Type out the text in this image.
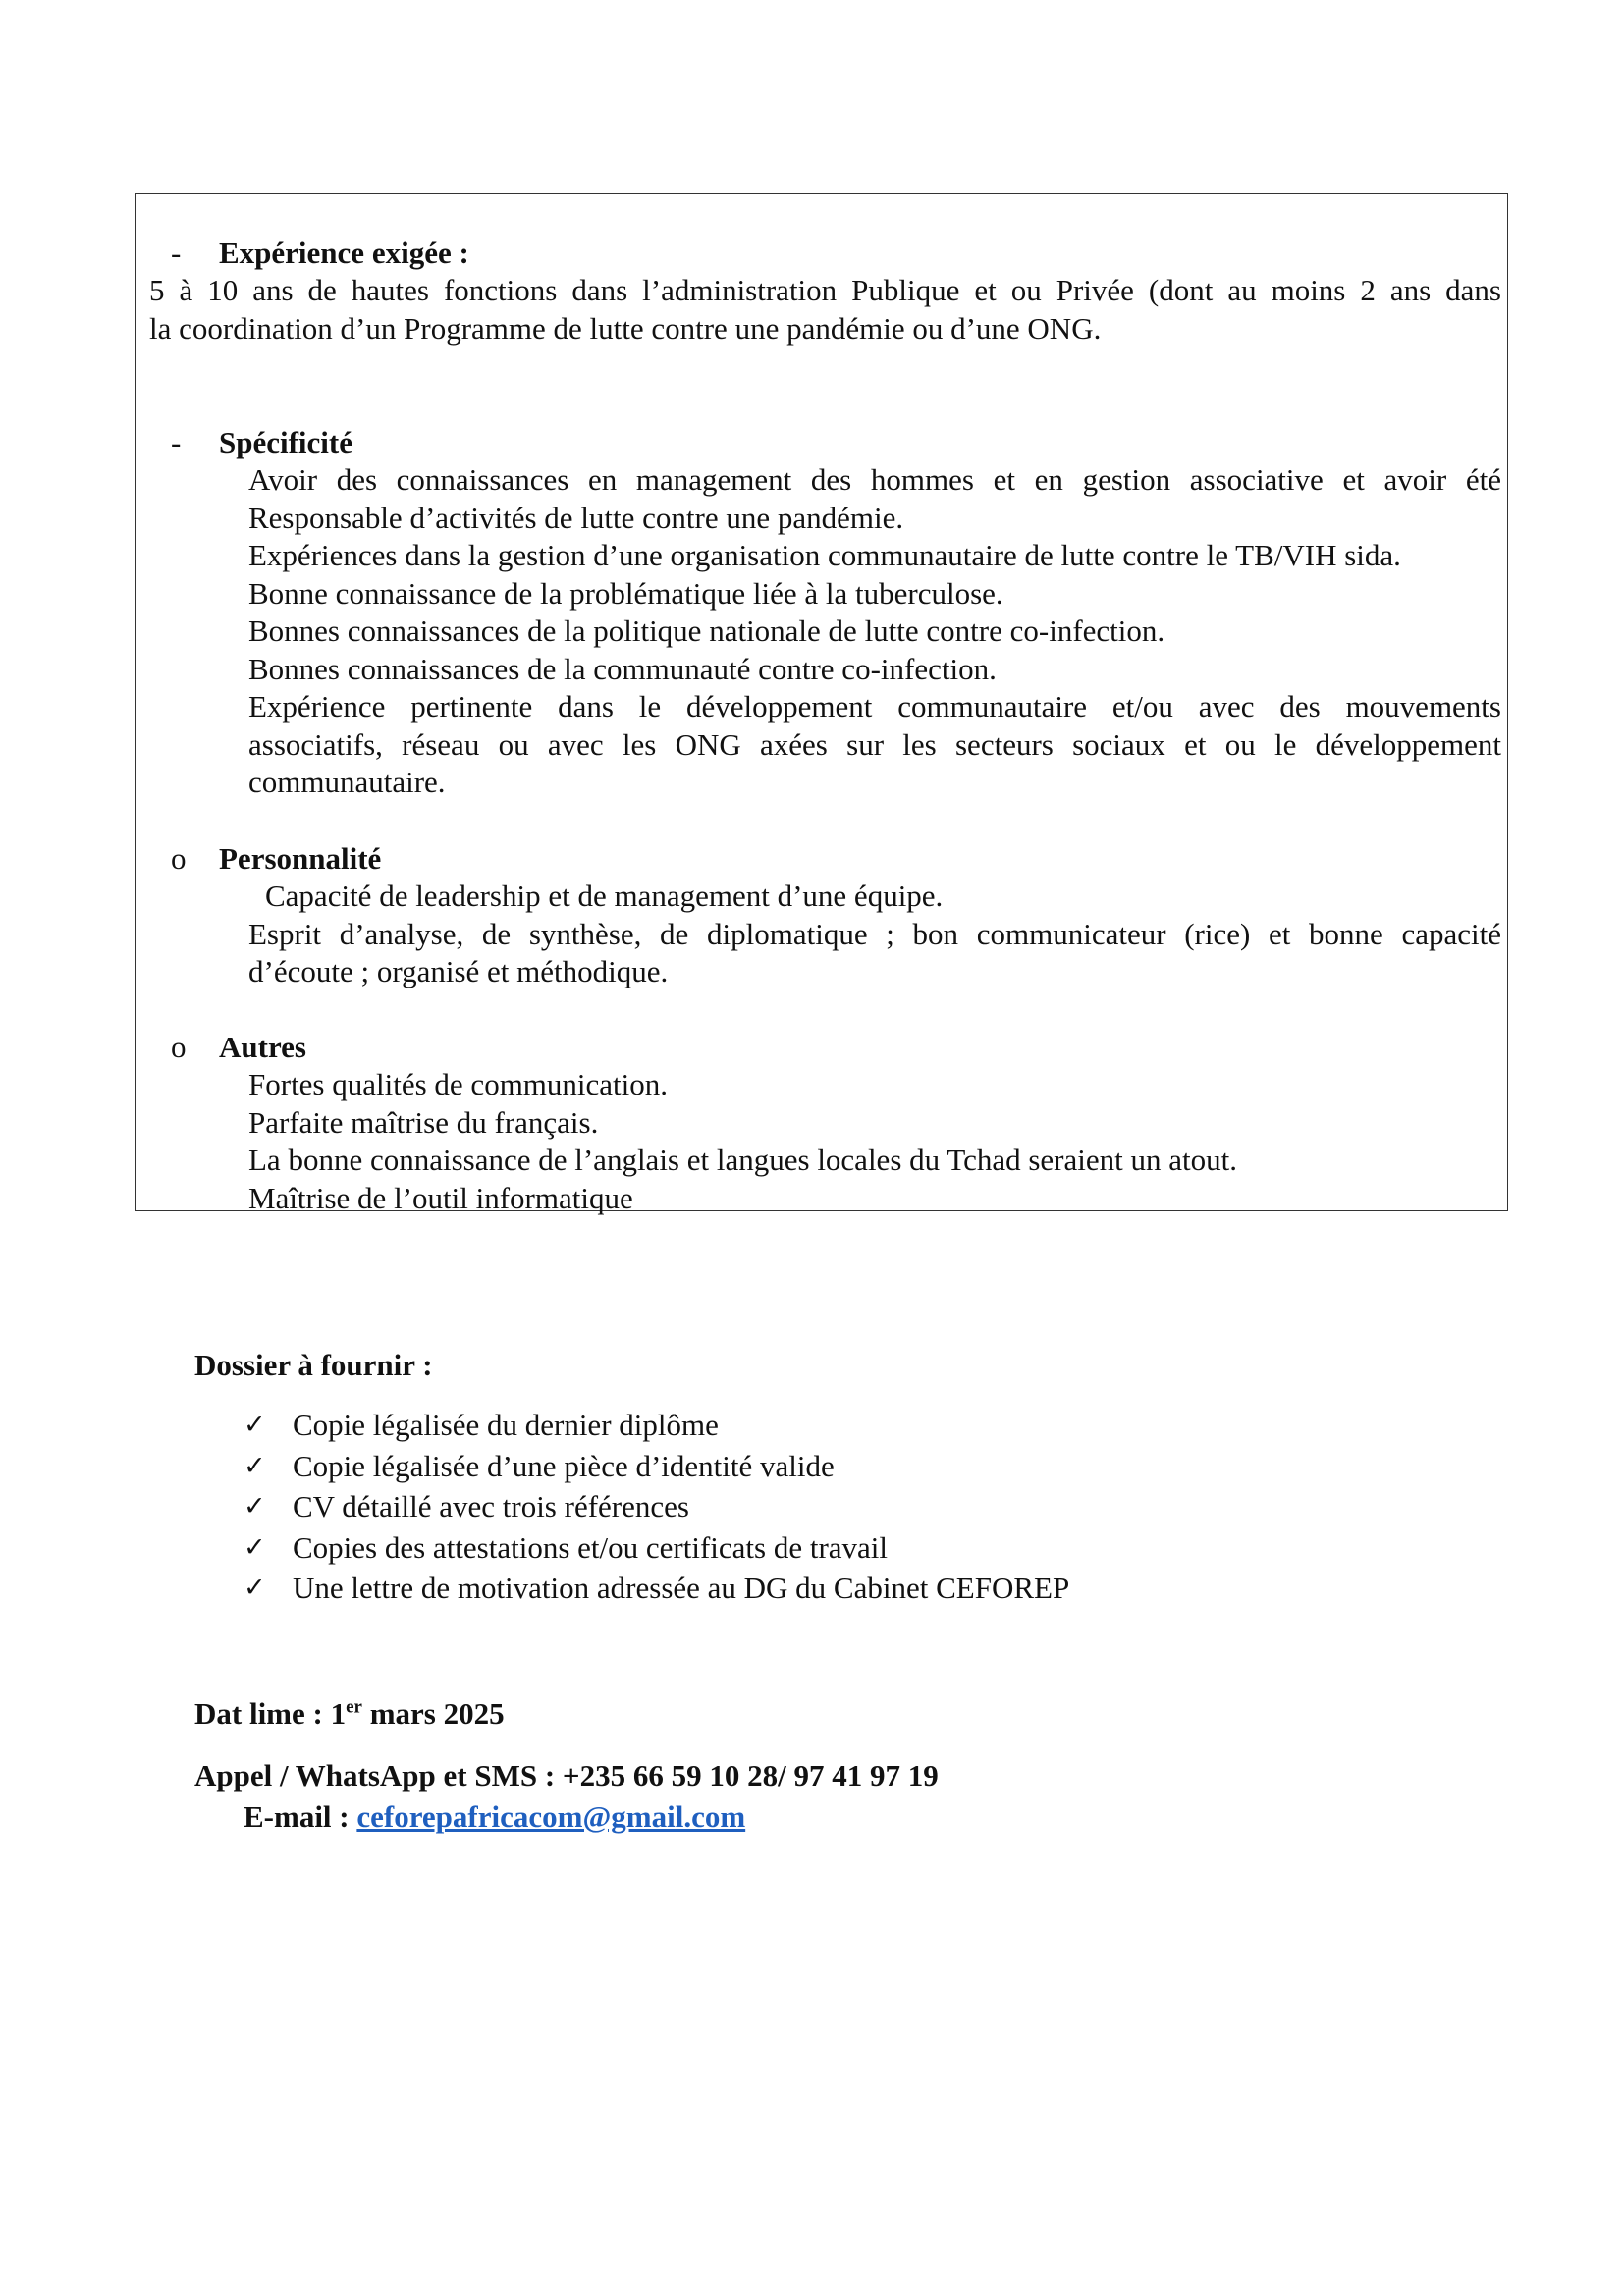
- Expérience exigée :
5 à 10 ans de hautes fonctions dans l’administration Publique et ou Privée (dont au moins 2 ans dans
la coordination d’un Programme de lutte contre une pandémie ou d’une ONG.
- Spécificité
Avoir des connaissances en management des hommes et en gestion associative et avoir été
Responsable d’activités de lutte contre une pandémie.
Expériences dans la gestion d’une organisation communautaire de lutte contre le TB/VIH sida.
Bonne connaissance de la problématique liée à la tuberculose.
Bonnes connaissances de la politique nationale de lutte contre co-infection.
Bonnes connaissances de la communauté contre co-infection.
Expérience pertinente dans le développement communautaire et/ou avec des mouvements
associatifs, réseau ou avec les ONG axées sur les secteurs sociaux et ou le développement
communautaire.
o Personnalité
Capacité de leadership et de management d’une équipe.
Esprit d’analyse, de synthèse, de diplomatique ; bon communicateur (rice) et bonne capacité
d’écoute ; organisé et méthodique.
o Autres
Fortes qualités de communication.
Parfaite maîtrise du français.
La bonne connaissance de l’anglais et langues locales du Tchad seraient un atout.
Maîtrise de l’outil informatique
Dossier à fournir :
✓ Copie légalisée du dernier diplôme
✓ Copie légalisée d’une pièce d’identité valide
✓ CV détaillé avec trois références
✓ Copies des attestations et/ou certificats de travail
✓ Une lettre de motivation adressée au DG du Cabinet CEFOREP
Dat lime : 1er mars 2025
Appel / WhatsApp et SMS : +235 66 59 10 28/ 97 41 97 19
E-mail : ceforepafricacom@gmail.com
